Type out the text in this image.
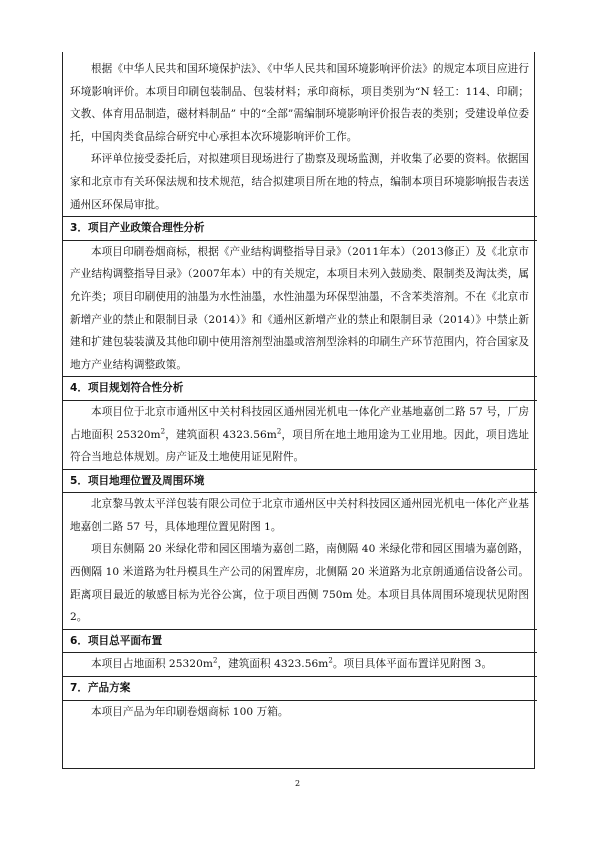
根据《中华人民共和国环境保护法》、《中华人民共和国环境影响评价法》的规定本项目应进行环境影响评价。本项目印刷包装制品、包装材料；承印商标，项目类别为“N 轻工：114、印刷；文教、体育用品制造，磁材料制品” 中的“全部”需编制环境影响评价报告表的类别；受建设单位委托，中国肉类食品综合研究中心承担本次环境影响评价工作。

环评单位接受委托后，对拟建项目现场进行了勘察及现场监测，并收集了必要的资料。依据国家和北京市有关环保法规和技术规范，结合拟建项目所在地的特点，编制本项目环境影响报告表送通州区环保局审批。

3．项目产业政策合理性分析

本项目印刷卷烟商标，根据《产业结构调整指导目录》（2011年本）（2013修正）及《北京市产业结构调整指导目录》（2007年本）中的有关规定，本项目未列入鼓励类、限制类及淘汰类，属允许类；项目印刷使用的油墨为水性油墨，水性油墨为环保型油墨，不含苯类溶剂。不在《北京市新增产业的禁止和限制目录（2014）》和《通州区新增产业的禁止和限制目录（2014）》中禁止新建和扩建包装装潢及其他印刷中使用溶剂型油墨或溶剂型涂料的印刷生产环节范围内，符合国家及地方产业结构调整政策。

4．项目规划符合性分析

本项目位于北京市通州区中关村科技园区通州园光机电一体化产业基地嘉创二路 57 号，厂房占地面积 $25320m^2$，建筑面积 $4323.56m^2$，项目所在地土地用途为工业用地。因此，项目选址符合当地总体规划。房产证及土地使用证见附件。

5．项目地理位置及周围环境

北京黎马敦太平洋包装有限公司位于北京市通州区中关村科技园区通州园光机电一体化产业基地嘉创二路 57 号，具体地理位置见附图 1。

项目东侧隔 20 米绿化带和园区围墙为嘉创二路，南侧隔 40 米绿化带和园区围墙为嘉创路，西侧隔 10 米道路为牡丹模具生产公司的闲置库房，北侧隔 20 米道路为北京朗通通信设备公司。距离项目最近的敏感目标为光谷公寓，位于项目西侧 750m 处。本项目具体周围环境现状见附图 2。

6．项目总平面布置

本项目占地面积 $25320m^2$，建筑面积 $4323.56m^2$。项目具体平面布置详见附图 3。

7．产品方案

本项目产品为年印刷卷烟商标 100 万箱。

2
